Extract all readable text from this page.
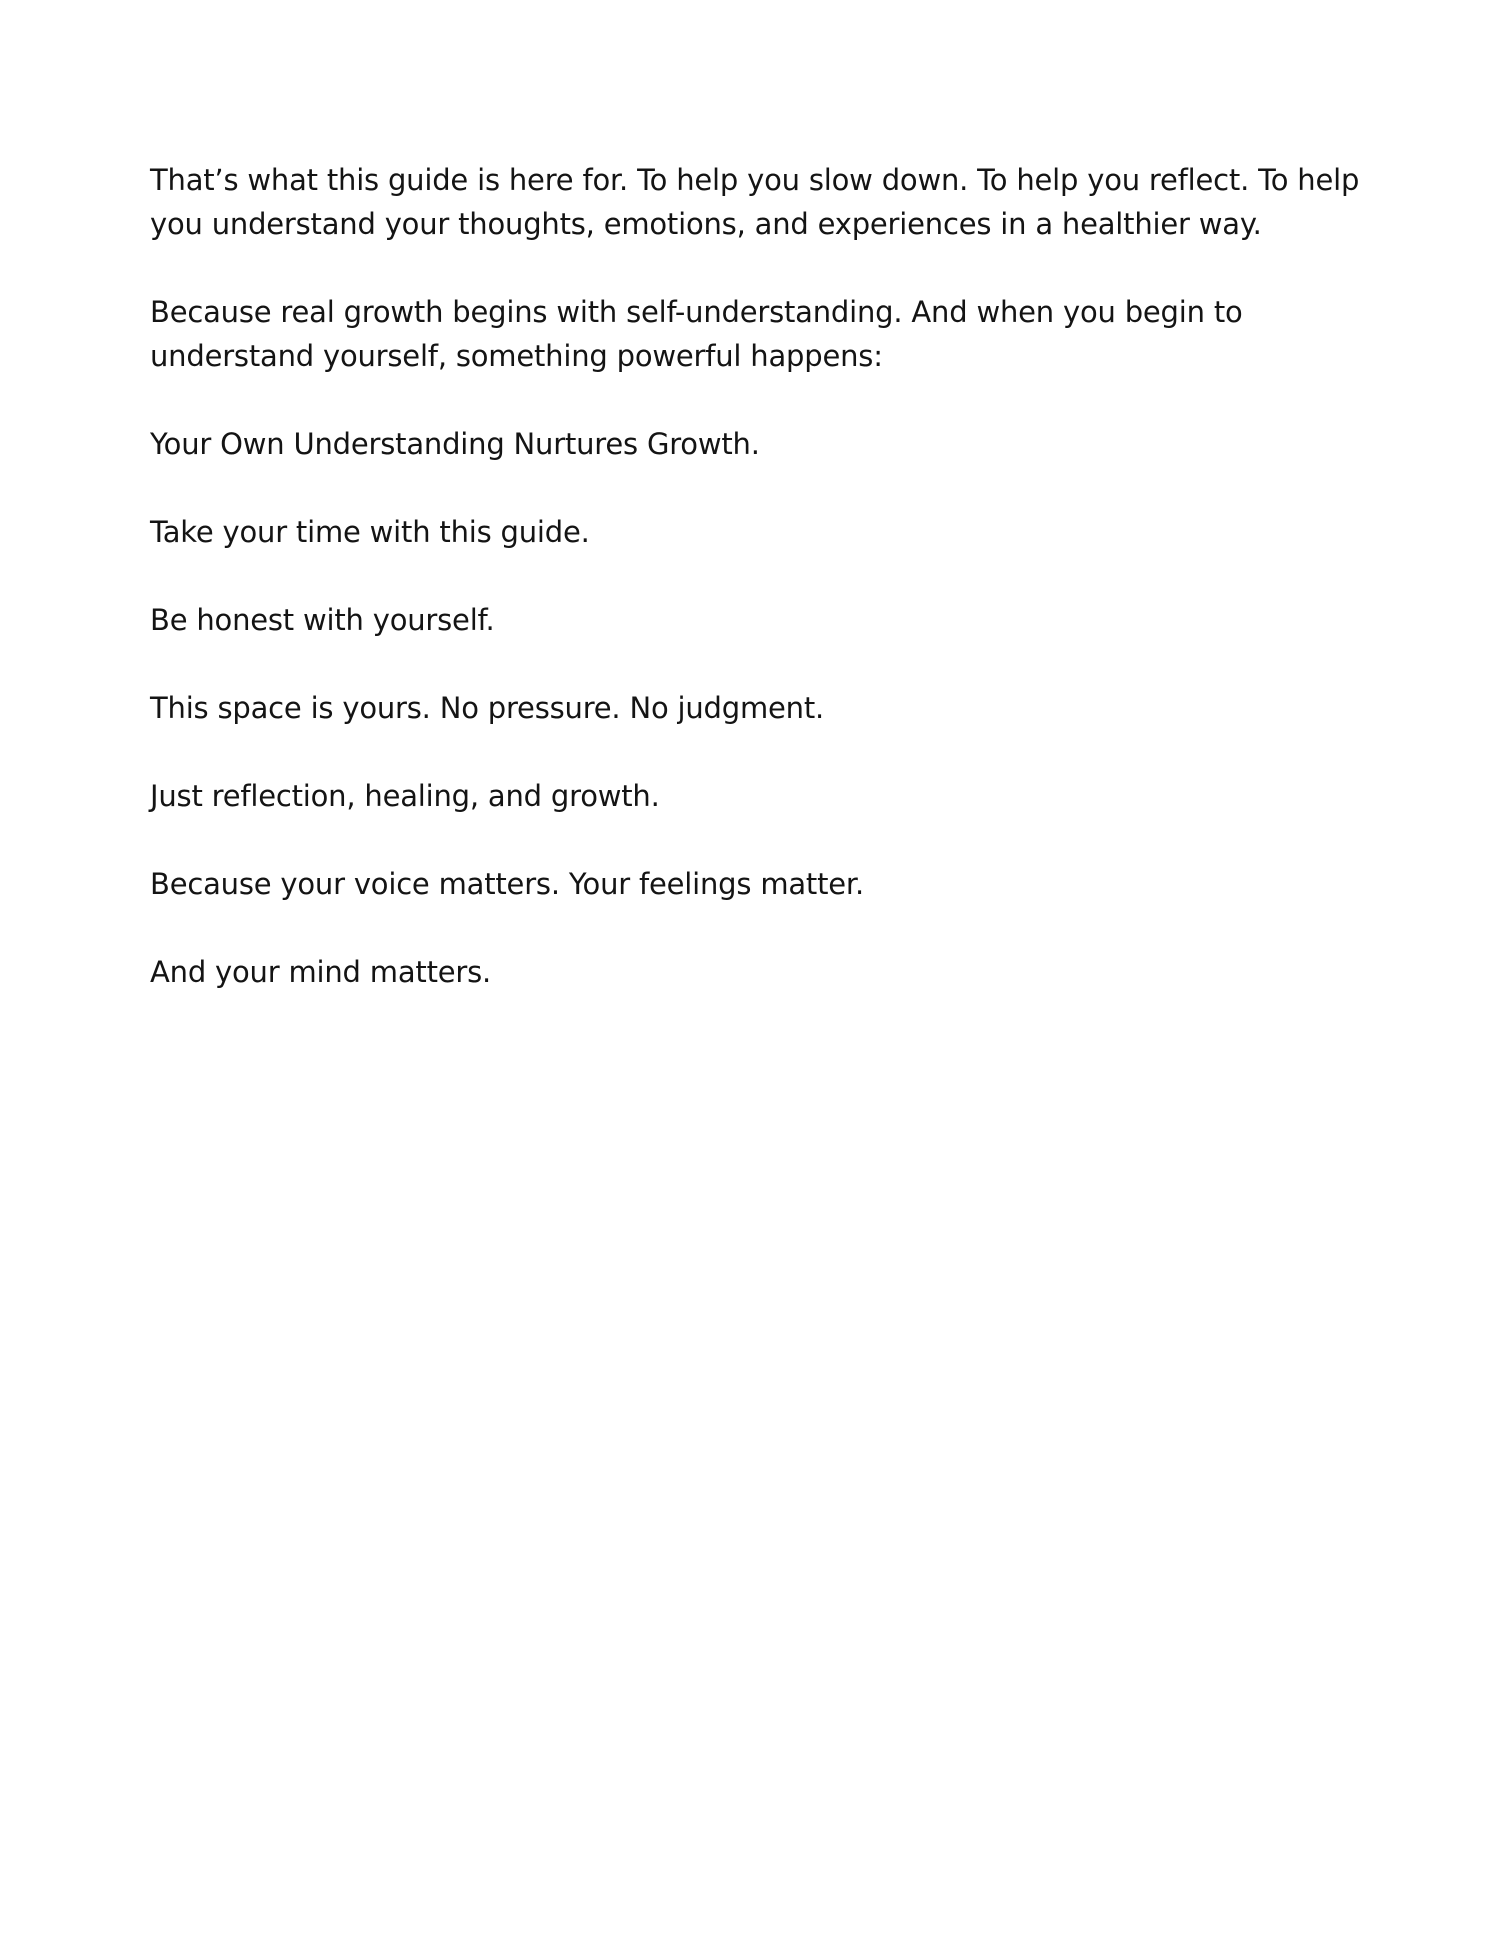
That’s what this guide is here for. To help you slow down. To help you reflect. To help you understand your thoughts, emotions, and experiences in a healthier way.

Because real growth begins with self-understanding. And when you begin to understand yourself, something powerful happens:

Your Own Understanding Nurtures Growth.

Take your time with this guide.

Be honest with yourself.

This space is yours. No pressure. No judgment.

Just reflection, healing, and growth.

Because your voice matters. Your feelings matter.

And your mind matters.
